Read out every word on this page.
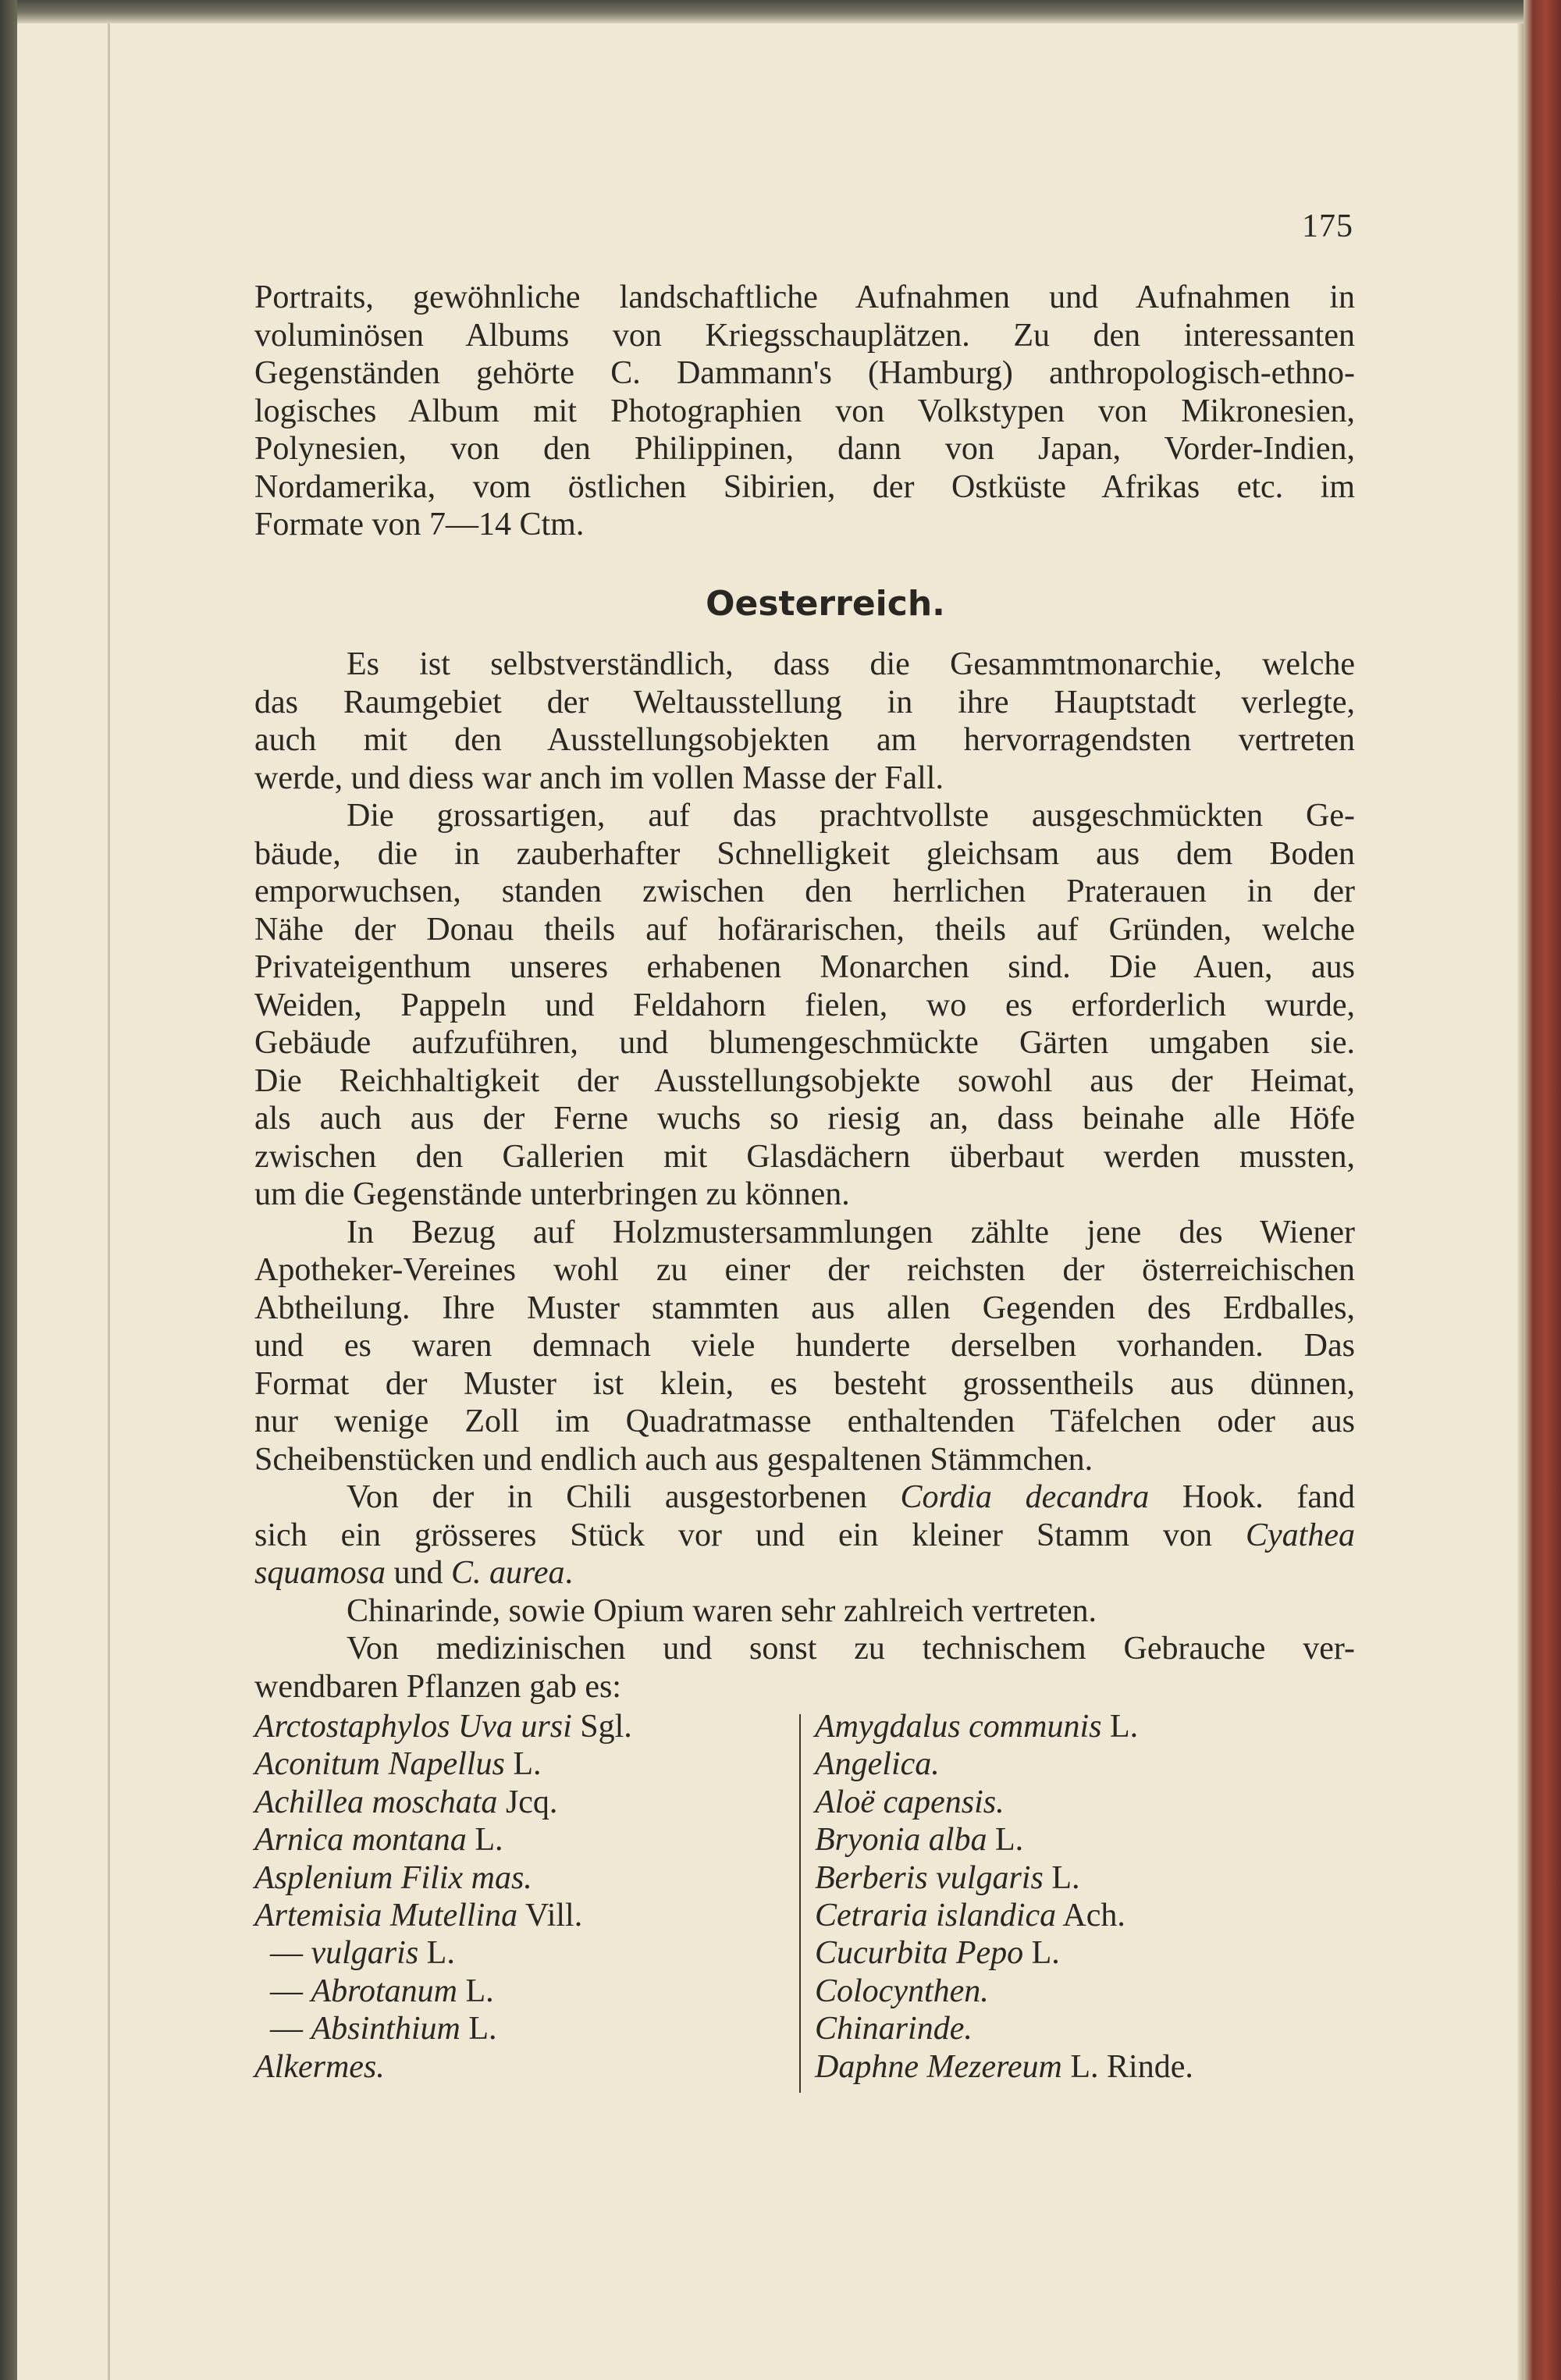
175
Portraits, gewöhnliche landschaftliche Aufnahmen und Aufnahmen in
voluminösen Albums von Kriegsschauplätzen. Zu den interessanten
Gegenständen gehörte C. Dammann's (Hamburg) anthropologisch-ethno-
logisches Album mit Photographien von Volkstypen von Mikronesien,
Polynesien, von den Philippinen, dann von Japan, Vorder-Indien,
Nordamerika, vom östlichen Sibirien, der Ostküste Afrikas etc. im
Formate von 7—14 Ctm.
Oesterreich.
Es ist selbstverständlich, dass die Gesammtmonarchie, welche
das Raumgebiet der Weltausstellung in ihre Hauptstadt verlegte,
auch mit den Ausstellungsobjekten am hervorragendsten vertreten
werde, und diess war anch im vollen Masse der Fall.
Die grossartigen, auf das prachtvollste ausgeschmückten Ge-
bäude, die in zauberhafter Schnelligkeit gleichsam aus dem Boden
emporwuchsen, standen zwischen den herrlichen Praterauen in der
Nähe der Donau theils auf hofärarischen, theils auf Gründen, welche
Privateigenthum unseres erhabenen Monarchen sind. Die Auen, aus
Weiden, Pappeln und Feldahorn fielen, wo es erforderlich wurde,
Gebäude aufzuführen, und blumengeschmückte Gärten umgaben sie.
Die Reichhaltigkeit der Ausstellungsobjekte sowohl aus der Heimat,
als auch aus der Ferne wuchs so riesig an, dass beinahe alle Höfe
zwischen den Gallerien mit Glasdächern überbaut werden mussten,
um die Gegenstände unterbringen zu können.
In Bezug auf Holzmustersammlungen zählte jene des Wiener
Apotheker-Vereines wohl zu einer der reichsten der österreichischen
Abtheilung. Ihre Muster stammten aus allen Gegenden des Erdballes,
und es waren demnach viele hunderte derselben vorhanden. Das
Format der Muster ist klein, es besteht grossentheils aus dünnen,
nur wenige Zoll im Quadratmasse enthaltenden Täfelchen oder aus
Scheibenstücken und endlich auch aus gespaltenen Stämmchen.
Von der in Chili ausgestorbenen Cordia decandra Hook. fand
sich ein grösseres Stück vor und ein kleiner Stamm von Cyathea
squamosa und C. aurea.
Chinarinde, sowie Opium waren sehr zahlreich vertreten.
Von medizinischen und sonst zu technischem Gebrauche ver-
wendbaren Pflanzen gab es:
Arctostaphylos Uva ursi Sgl.
Aconitum Napellus L.
Achillea moschata Jcq.
Arnica montana L.
Asplenium Filix mas.
Artemisia Mutellina Vill.
— vulgaris L.
— Abrotanum L.
— Absinthium L.
Alkermes.
Amygdalus communis L.
Angelica.
Aloë capensis.
Bryonia alba L.
Berberis vulgaris L.
Cetraria islandica Ach.
Cucurbita Pepo L.
Colocynthen.
Chinarinde.
Daphne Mezereum L. Rinde.
